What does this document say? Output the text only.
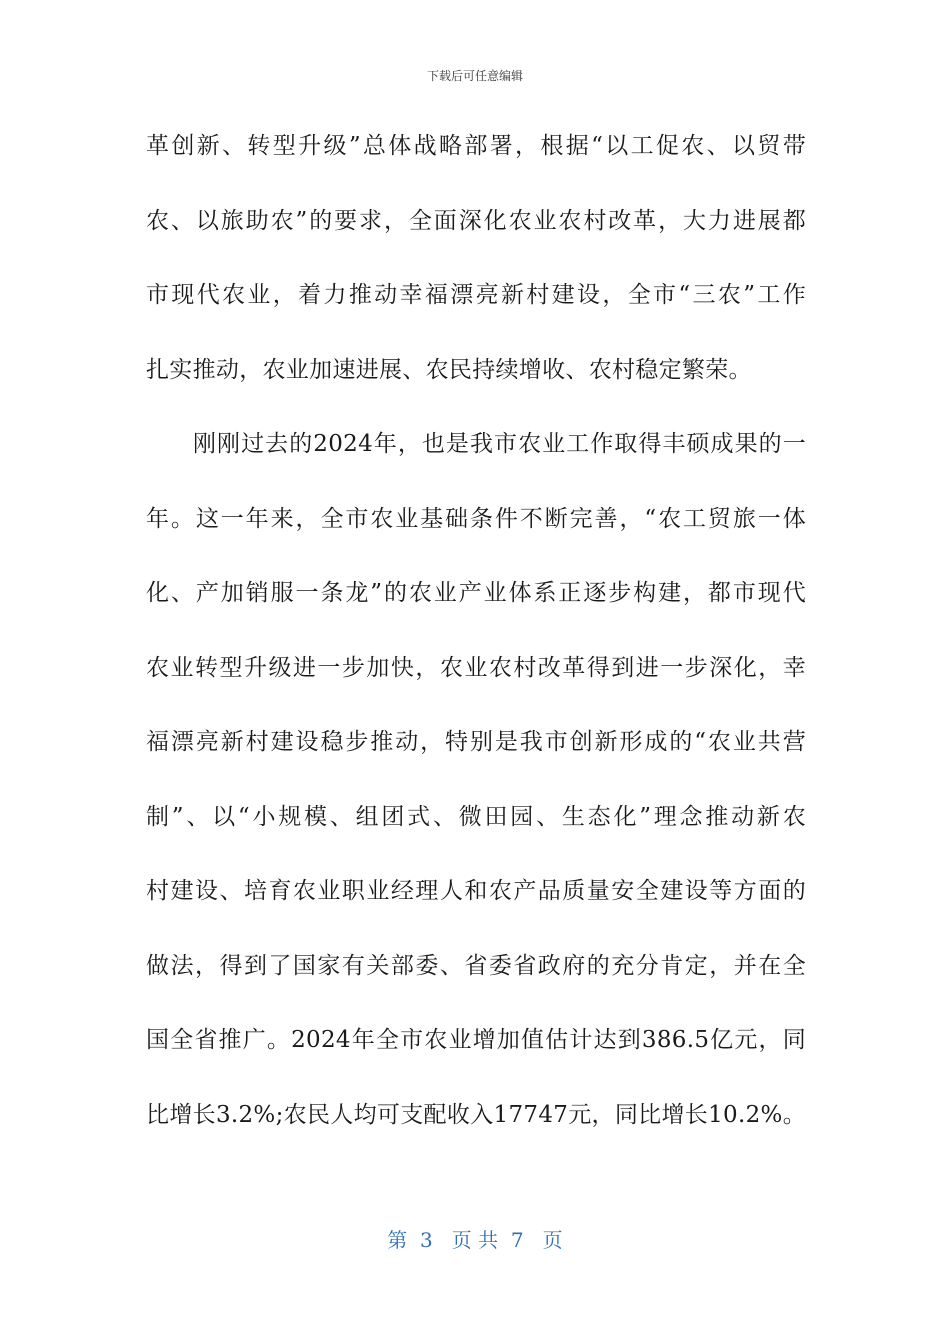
下载后可任意编辑
革创新、转型升级”总体战略部署，根据“以工促农、以贸带
农、以旅助农”的要求，全面深化农业农村改革，大力进展都
市现代农业，着力推动幸福漂亮新村建设，全市“三农”工作
扎实推动，农业加速进展、农民持续增收、农村稳定繁荣。
刚刚过去的2024年，也是我市农业工作取得丰硕成果的一
年。这一年来，全市农业基础条件不断完善，“农工贸旅一体
化、产加销服一条龙”的农业产业体系正逐步构建，都市现代
农业转型升级进一步加快，农业农村改革得到进一步深化，幸
福漂亮新村建设稳步推动，特别是我市创新形成的“农业共营
制”、以“小规模、组团式、微田园、生态化”理念推动新农
村建设、培育农业职业经理人和农产品质量安全建设等方面的
做法，得到了国家有关部委、省委省政府的充分肯定，并在全
国全省推广。2024年全市农业增加值估计达到386.5亿元，同
比增长3.2%;农民人均可支配收入17747元，同比增长10.2%。
第  3   页 共  7   页
